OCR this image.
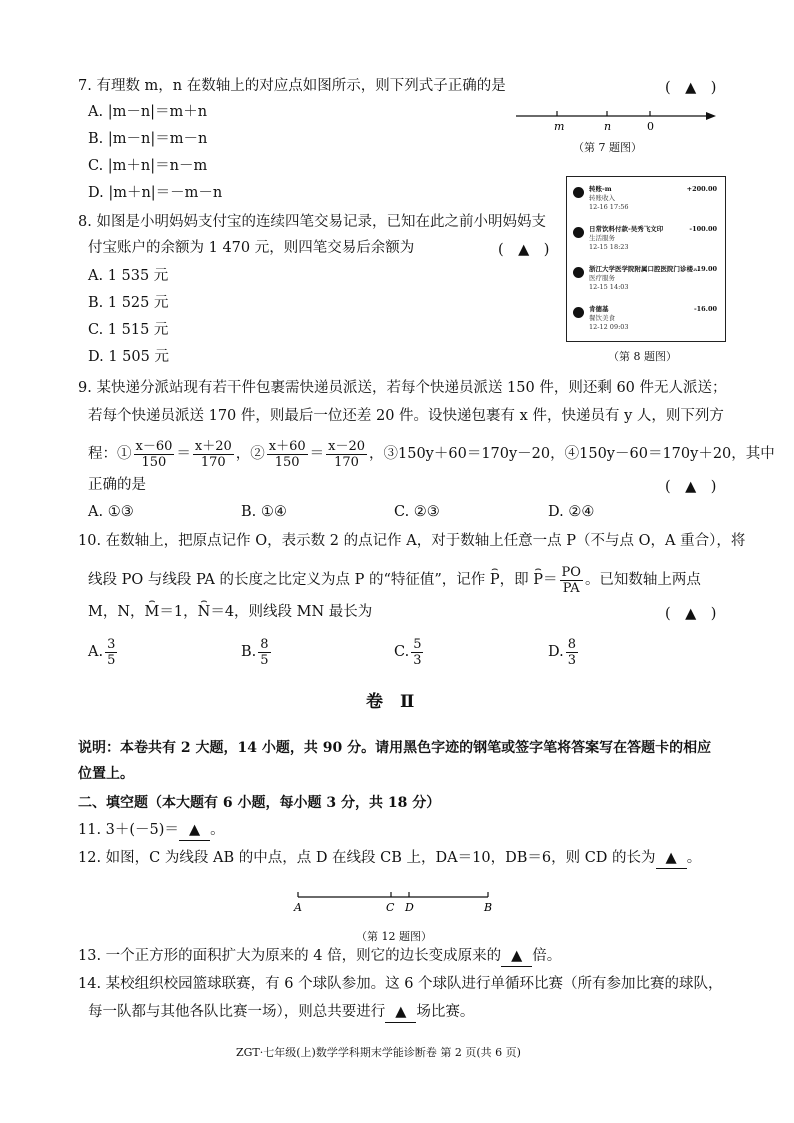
7. 有理数 m，n 在数轴上的对应点如图所示，则下列式子正确的是	(　▲　)
A. |m－n|＝m＋n
B. |m－n|＝m－n
C. |m＋n|＝n－m
D. |m＋n|＝－m－n
m	n	0
（第 7 题图）
8. 如图是小明妈妈支付宝的连续四笔交易记录，已知在此之前小明妈妈支
付宝账户的余额为 1 470 元，则四笔交易后余额为	(　▲　)
A. 1 535 元
B. 1 525 元
C. 1 515 元
D. 1 505 元
转账-m
转账收入
12-16 17:56
+200.00
日常饮料付款-吴秀飞文印
生活服务
12-15 18:23
-100.00
浙江大学医学院附属口腔医院门诊楼…
医疗服务
12-15 14:03
-19.00
肯德基
餐饮美食
12-12 09:03
-16.00
（第 8 题图）
9. 某快递分派站现有若干件包裹需快递员派送，若每个快递员派送 150 件，则还剩 60 件无人派送；
若每个快递员派送 170 件，则最后一位还差 20 件。设快递包裹有 x 件，快递员有 y 人，则下列方
程：① $\frac{x-60}{150} = \frac{x+20}{170}$ ，② $\frac{x+60}{150} = \frac{x-20}{170}$ ，③150y＋60＝170y－20，④150y－60＝170y＋20，其中
正确的是	(　▲　)
A. ①③	B. ①④	C. ②③	D. ②④
10. 在数轴上，把原点记作 O，表示数 2 的点记作 A，对于数轴上任意一点 P（不与点 O，A 重合），将
线段 PO 与线段 PA 的长度之比定义为点 P 的“特征值”，记作 ⌢ P，即 ⌢ $P= \frac{PO}{PA}$ 。已知数轴上两点
M，N，⌢ M＝1，⌢ N＝4，则线段 MN 最长为	(　▲　)
A. $\frac{3}{5}$	B. $\frac{8}{5}$	C. $\frac{5}{3}$	D. $\frac{8}{3}$
卷　Ⅱ
说明：本卷共有 2 大题，14 小题，共 90 分。请用黑色字迹的钢笔或签字笔将答案写在答题卡的相应
位置上。
二、填空题（本大题有 6 小题，每小题 3 分，共 18 分）
11. 3＋(－5)＝ ▲ 。
12. 如图，C 为线段 AB 的中点，点 D 在线段 CB 上，DA＝10，DB＝6，则 CD 的长为 ▲ 。
A	C D	B
（第 12 题图）
13. 一个正方形的面积扩大为原来的 4 倍，则它的边长变成原来的 ▲ 倍。
14. 某校组织校园篮球联赛，有 6 个球队参加。这 6 个球队进行单循环比赛（所有参加比赛的球队，
每一队都与其他各队比赛一场），则总共要进行 ▲ 场比赛。
ZGT·七年级(上)数学学科期末学能诊断卷 第 2 页(共 6 页)
